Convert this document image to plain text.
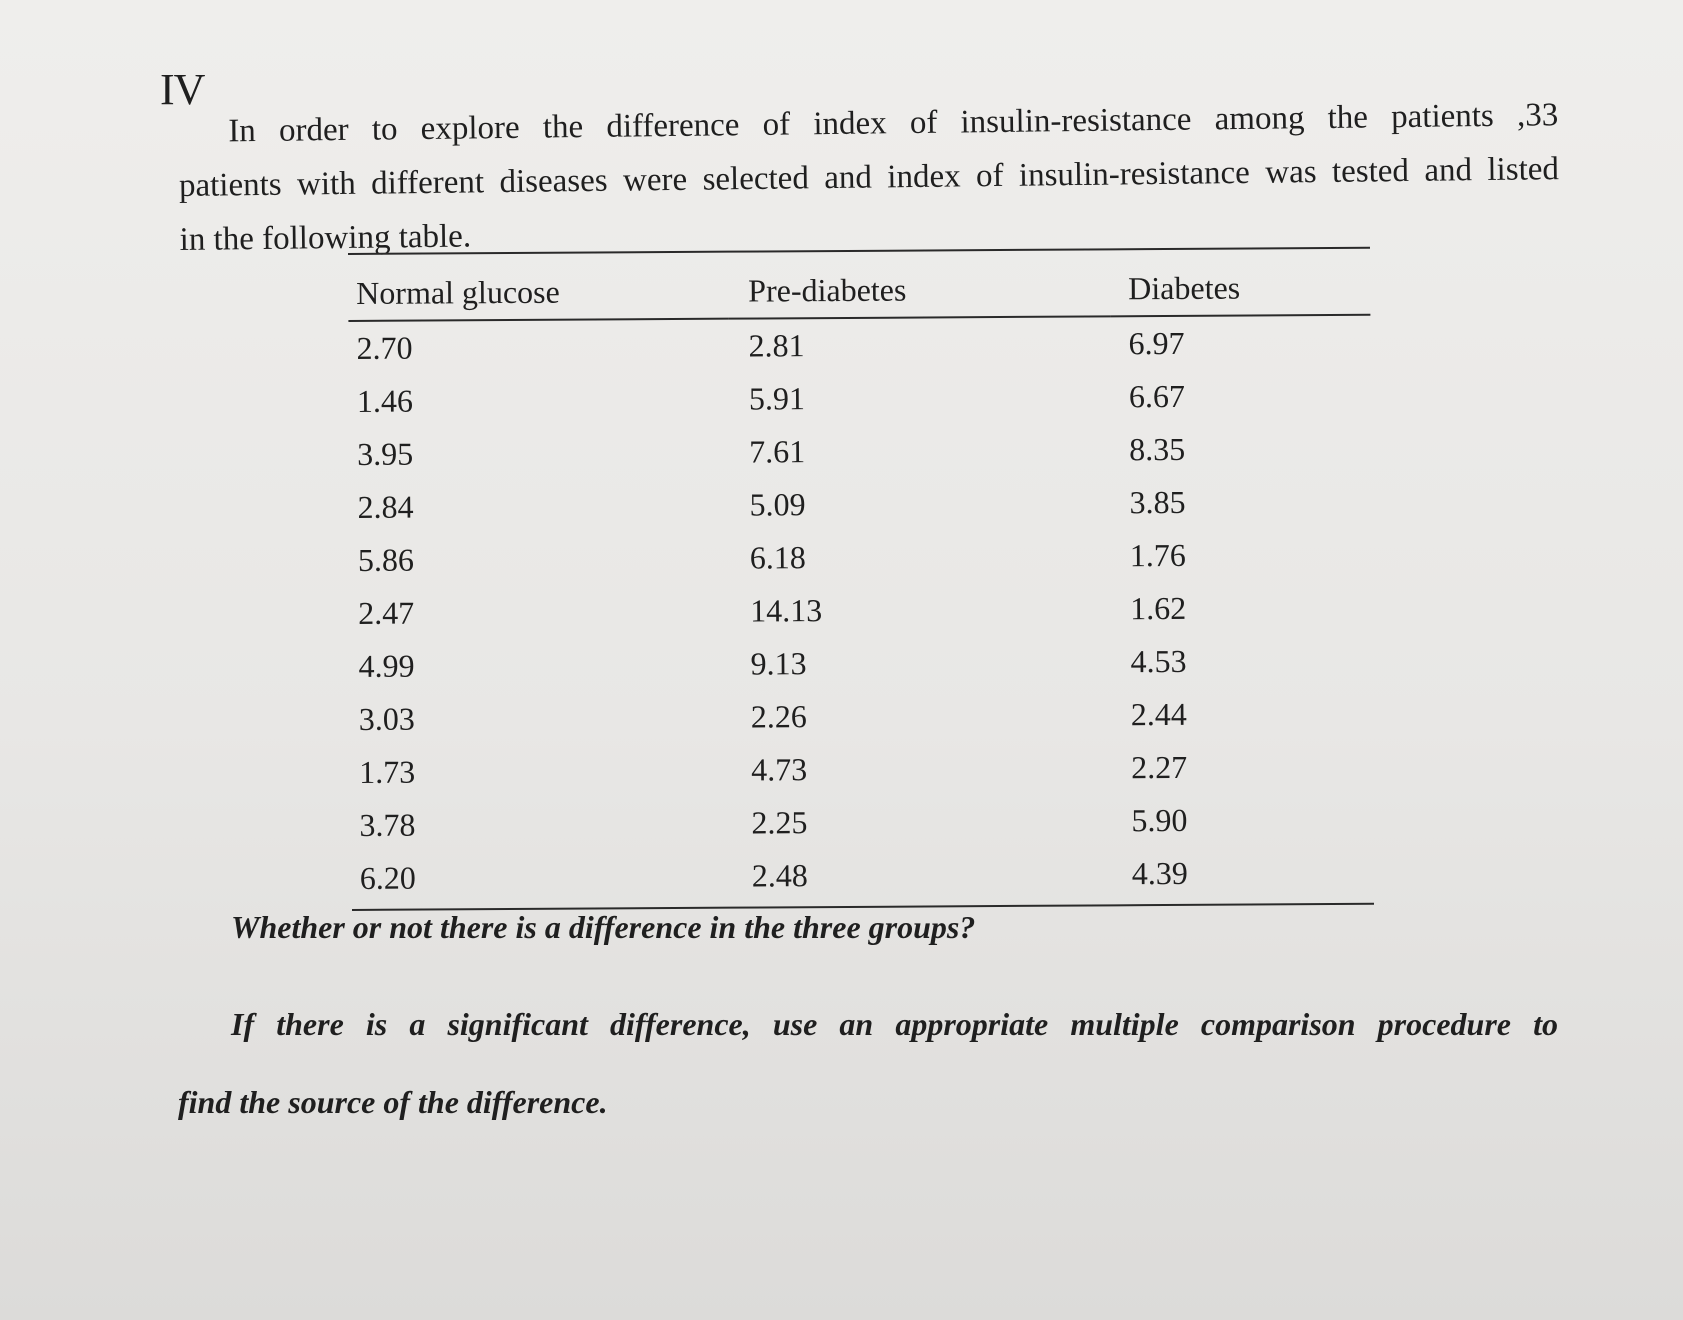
IV
In order to explore the difference of index of insulin-resistance among the patients ,33
patients with different diseases were selected and index of insulin-resistance was tested and listed
in the following table.
Normal glucose	Pre-diabetes	Diabetes
2.70	2.81	6.97
1.46	5.91	6.67
3.95	7.61	8.35
2.84	5.09	3.85
5.86	6.18	1.76
2.47	14.13	1.62
4.99	9.13	4.53
3.03	2.26	2.44
1.73	4.73	2.27
3.78	2.25	5.90
6.20	2.48	4.39
Whether or not there is a difference in the three groups?
If there is a significant difference, use an appropriate multiple comparison procedure to
find the source of the difference.
